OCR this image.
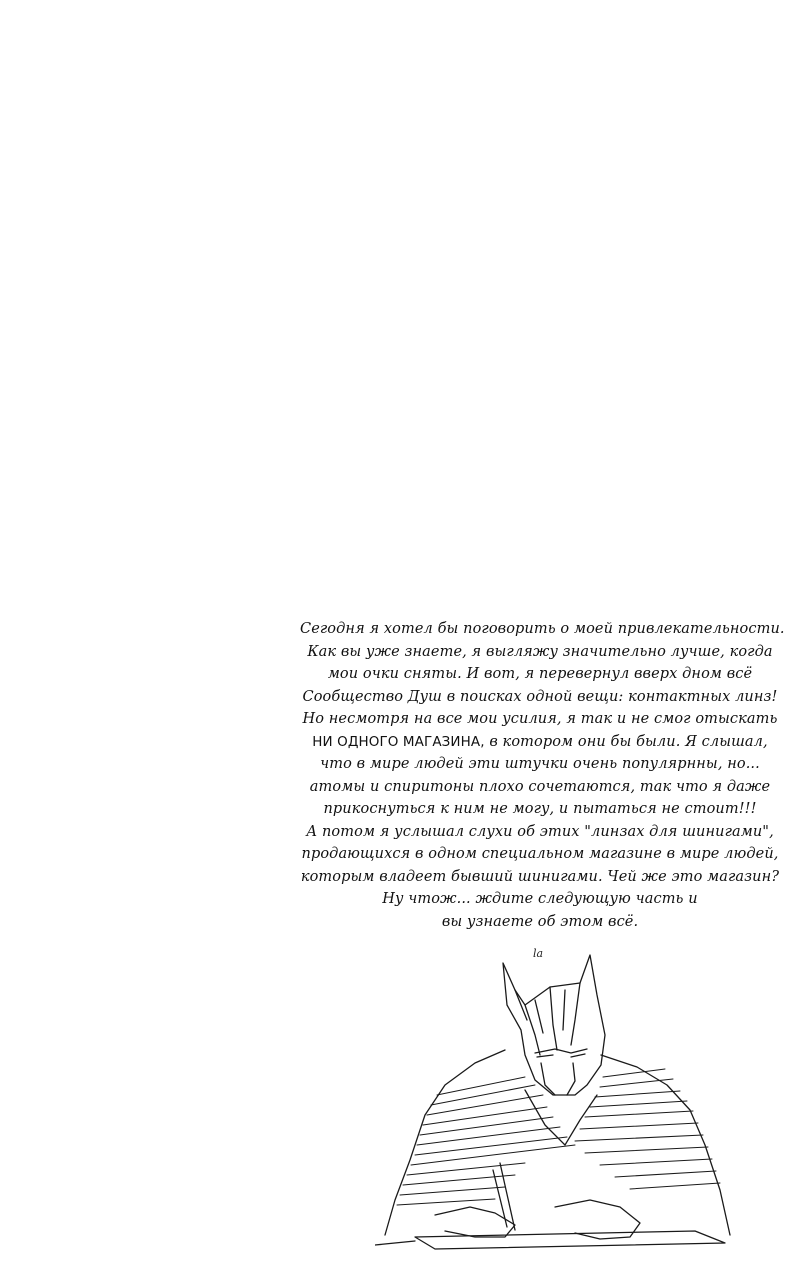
Сегодня я хотел бы поговорить о моей привлекательности.
Как вы уже знаете, я выгляжу значительно лучше, когда
мои очки сняты. И вот, я перевернул вверх дном всё
Сообщество Душ в поисках одной вещи: контактных линз!
Но несмотря на все мои усилия, я так и не смог отыскать
НИ ОДНОГО МАГАЗИНА, в котором они бы были. Я слышал,
что в мире людей эти штучки очень популярнны, но...
атомы и спиритоны плохо сочетаются, так что я даже
прикоснуться к ним не могу, и пытаться не стоит!!!
А потом я услышал слухи об этих "линзах для шинигами",
продающихся в одном специальном магазине в мире людей,
которым владеет бывший шинигами. Чей же это магазин?
Ну чтож... ждите следующую часть и
вы узнаете об этом всё.
la
